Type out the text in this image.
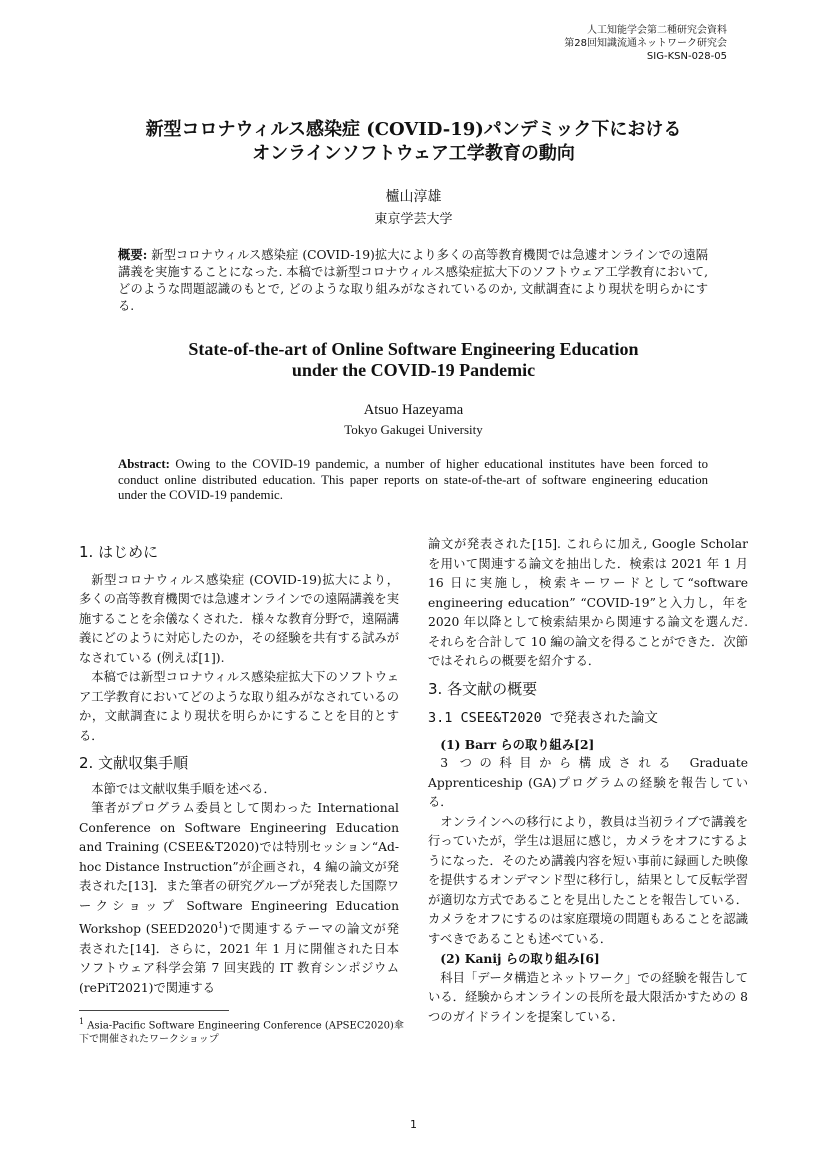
人工知能学会第二種研究会資料
第28回知識流通ネットワーク研究会
SIG-KSN-028-05
新型コロナウィルス感染症 (COVID-19)パンデミック下における
オンラインソフトウェア工学教育の動向
櫨山淳雄
東京学芸大学
概要: 新型コロナウィルス感染症 (COVID-19)拡大により多くの高等教育機関では急遽オンラインでの遠隔講義を実施することになった. 本稿では新型コロナウィルス感染症拡大下のソフトウェア工学教育において, どのような問題認識のもとで, どのような取り組みがなされているのか, 文献調査により現状を明らかにする.
State-of-the-art of Online Software Engineering Education
under the COVID-19 Pandemic
Atsuo Hazeyama
Tokyo Gakugei University
Abstract: Owing to the COVID-19 pandemic, a number of higher educational institutes have been forced to conduct online distributed education. This paper reports on state-of-the-art of software engineering education under the COVID-19 pandemic.
1. はじめに

新型コロナウィルス感染症 (COVID-19)拡大により，多くの高等教育機関では急遽オンラインでの遠隔講義を実施することを余儀なくされた．様々な教育分野で，遠隔講義にどのように対応したのか，その経験を共有する試みがなされている (例えば[1]).

本稿では新型コロナウィルス感染症拡大下のソフトウェア工学教育においてどのような取り組みがなされているのか，文献調査により現状を明らかにすることを目的とする．

2. 文献収集手順

本節では文献収集手順を述べる．

筆者がプログラム委員として関わった International Conference on Software Engineering Education and Training (CSEE&T2020)では特別セッション“Ad-hoc Distance Instruction”が企画され，4 編の論文が発表された[13]．また筆者の研究グループが発表した国際ワークショップ Software Engineering Education Workshop (SEED2020$^1$)で関連するテーマの論文が発表された[14]．さらに，2021 年 1 月に開催された日本ソフトウェア科学会第 7 回実践的 IT 教育シンポジウム (rePiT2021)で関連する

$^1$ Asia-Pacific Software Engineering Conference (APSEC2020)傘下で開催されたワークショップ

論文が発表された[15]. これらに加え, Google Scholar を用いて関連する論文を抽出した．検索は 2021 年 1 月 16 日に実施し，検索キーワードとして“software engineering education” “COVID-19”と入力し，年を 2020 年以降として検索結果から関連する論文を選んだ. それらを合計して 10 編の論文を得ることができた．次節ではそれらの概要を紹介する．

3. 各文献の概要
3.1 CSEE&T2020 で発表された論文

(1) Barr らの取り組み[2]

3 つの科目から構成される Graduate Apprenticeship (GA)プログラムの経験を報告している．

オンラインへの移行により，教員は当初ライブで講義を行っていたが，学生は退屈に感じ，カメラをオフにするようになった．そのため講義内容を短い事前に録画した映像を提供するオンデマンド型に移行し，結果として反転学習が適切な方式であることを見出したことを報告している．カメラをオフにするのは家庭環境の問題もあることを認識すべきであることも述べている．

(2) Kanij らの取り組み[6]

科目「データ構造とネットワーク」での経験を報告している．経験からオンラインの長所を最大限活かすための 8 つのガイドラインを提案している．

1
